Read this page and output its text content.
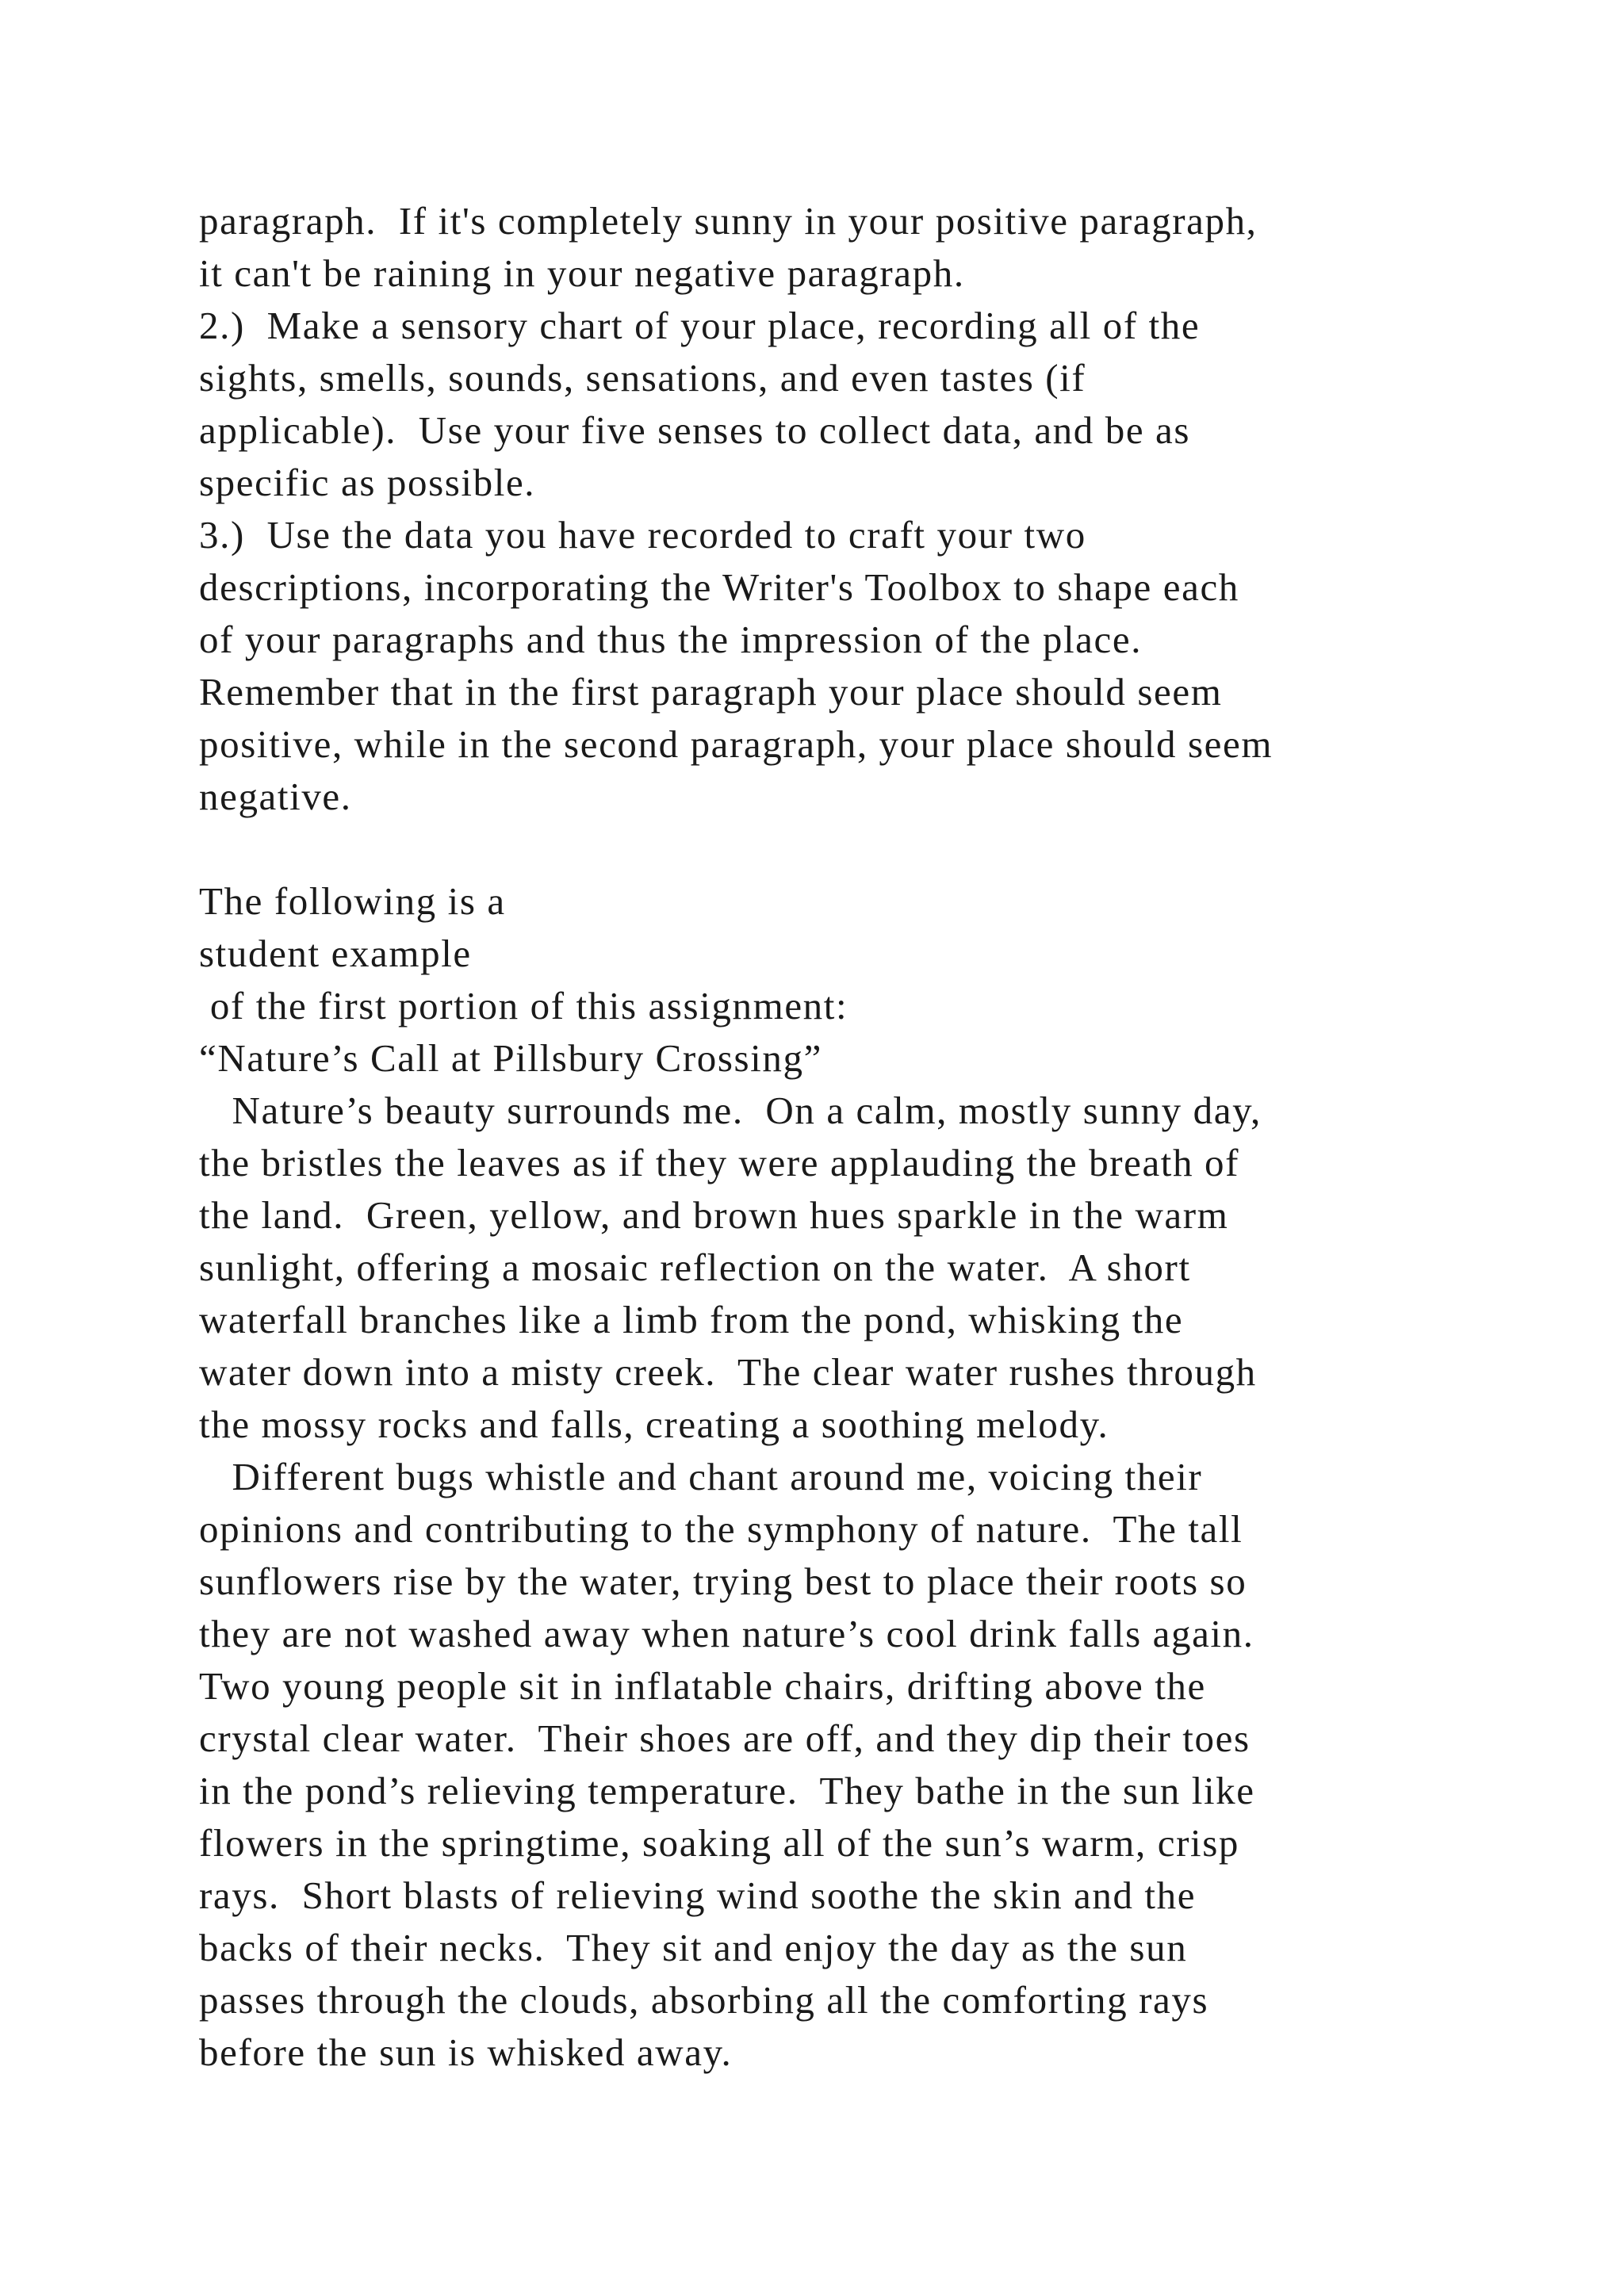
paragraph.  If it's completely sunny in your positive paragraph,
it can't be raining in your negative paragraph.
2.)  Make a sensory chart of your place, recording all of the
sights, smells, sounds, sensations, and even tastes (if
applicable).  Use your five senses to collect data, and be as
specific as possible.
3.)  Use the data you have recorded to craft your two
descriptions, incorporating the Writer's Toolbox to shape each
of your paragraphs and thus the impression of the place.
Remember that in the first paragraph your place should seem
positive, while in the second paragraph, your place should seem
negative.
The following is a
student example
of the first portion of this assignment:
“Nature’s Call at Pillsbury Crossing”
Nature’s beauty surrounds me.  On a calm, mostly sunny day,
the bristles the leaves as if they were applauding the breath of
the land.  Green, yellow, and brown hues sparkle in the warm
sunlight, offering a mosaic reflection on the water.  A short
waterfall branches like a limb from the pond, whisking the
water down into a misty creek.  The clear water rushes through
the mossy rocks and falls, creating a soothing melody.
Different bugs whistle and chant around me, voicing their
opinions and contributing to the symphony of nature.  The tall
sunflowers rise by the water, trying best to place their roots so
they are not washed away when nature’s cool drink falls again.
Two young people sit in inflatable chairs, drifting above the
crystal clear water.  Their shoes are off, and they dip their toes
in the pond’s relieving temperature.  They bathe in the sun like
flowers in the springtime, soaking all of the sun’s warm, crisp
rays.  Short blasts of relieving wind soothe the skin and the
backs of their necks.  They sit and enjoy the day as the sun
passes through the clouds, absorbing all the comforting rays
before the sun is whisked away.
